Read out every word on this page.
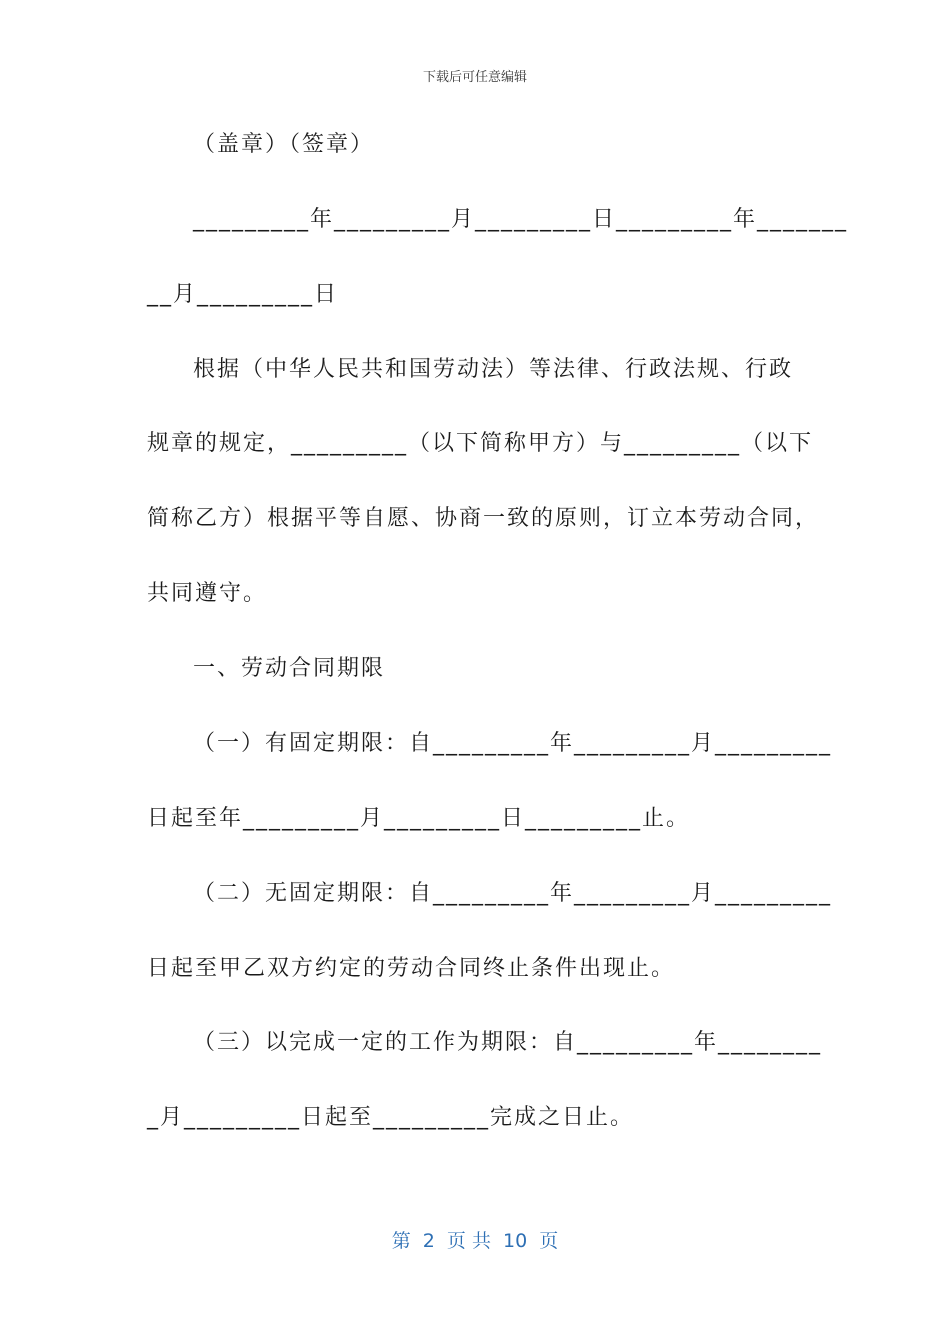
下载后可任意编辑
（盖章）（签章）
_________年_________月_________日_________年_______
__月_________日
根据（中华人民共和国劳动法）等法律、行政法规、行政
规章的规定，_________（以下简称甲方）与_________（以下
简称乙方）根据平等自愿、协商一致的原则，订立本劳动合同，
共同遵守。
一、劳动合同期限
（一）有固定期限：自_________年_________月_________
日起至年_________月_________日_________止。
（二）无固定期限：自_________年_________月_________
日起至甲乙双方约定的劳动合同终止条件出现止。
（三）以完成一定的工作为期限：自_________年________
_月_________日起至_________完成之日止。
第  2  页 共  10  页
